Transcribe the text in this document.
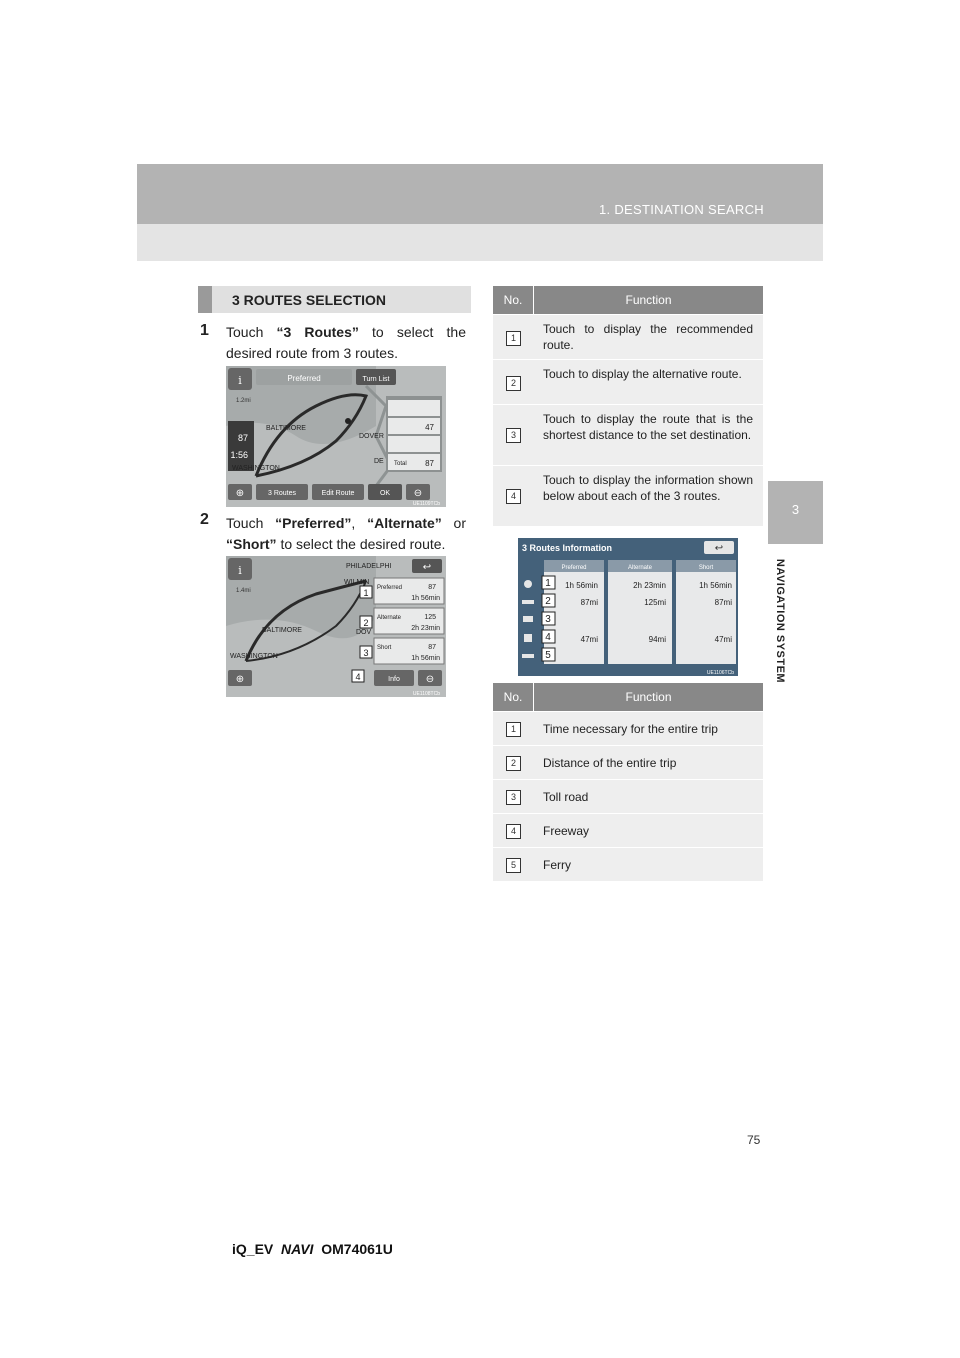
1. DESTINATION SEARCH
3
NAVIGATION SYSTEM
3 ROUTES SELECTION
1 Touch “3 Routes” to select the desired route from 3 routes.
i	Preferred	Turn List
1.2mi
87
1:56
BALTIMORE
WASHINGTON
DOVER
DE
47
Total 87
⊕	3 Routes	Edit Route	OK ⊖
UE1109TCb
2 Touch “Preferred”, “Alternate” or “Short” to select the desired route.
i
1.4mi
PHILADELPHI
WILMIN
BALTIMORE	DOV
WASHINGTON
↩
Preferred	87
1h 56min
Alternate	125
2h 23min
Short	87
1h 56min
1
2
3
4
⊕	Info	⊖
UE1108TCb
No.	Function
1
Touch to display the recommended route.
2
Touch to display the alternative route.
3
Touch to display the route that is the shortest distance to the set destination.
4
Touch to display the information shown below about each of the 3 routes.
3 Routes Information	↩
Preferred	Alternate	Short
1h 56min	2h 23min	1h 56min
87mi	125mi	87mi
47mi	94mi	47mi
1
2
3
4
5
UE1106TCb
No.	Function
1	Time necessary for the entire trip
2	Distance of the entire trip
3	Toll road
4	Freeway
5	Ferry
75
iQ_EV NAVI OM74061U
